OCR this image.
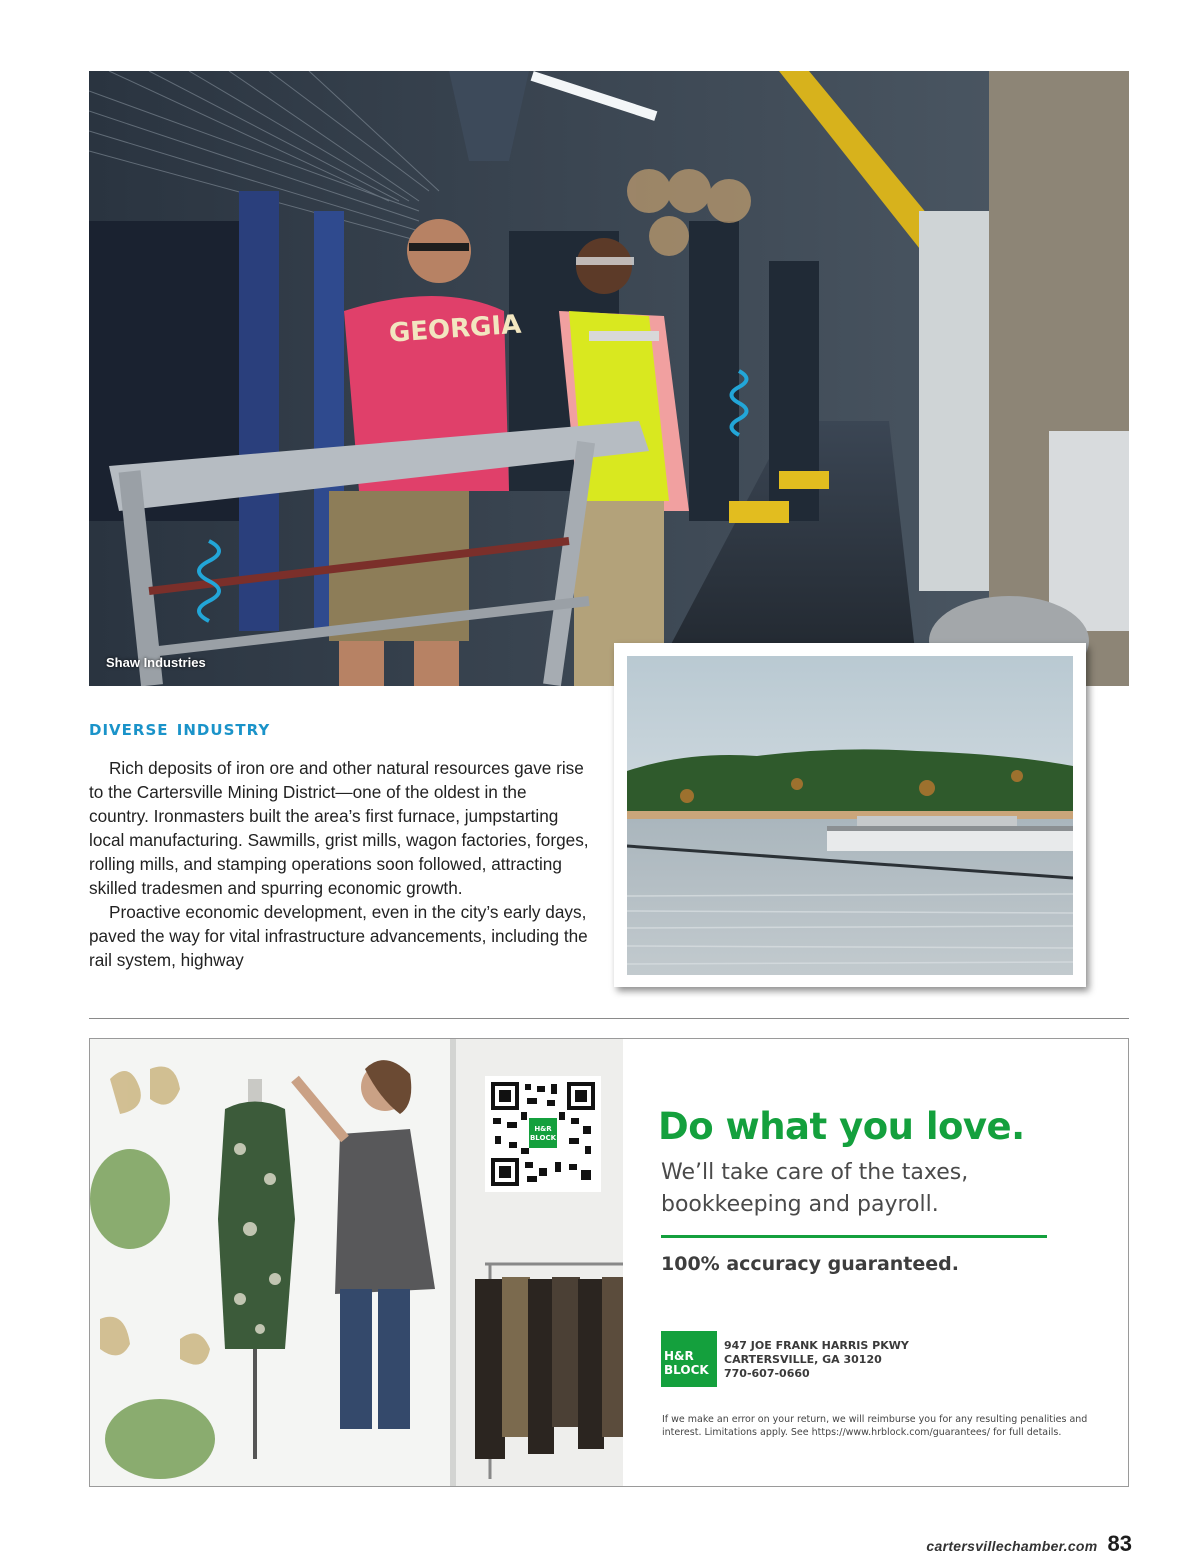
GEORGIA
Shaw Industries
diverse industry

Rich deposits of iron ore and other natural resources gave rise to the Cartersville Mining District—one of the oldest in the country. Ironmasters built the area’s first furnace, jumpstarting local manufacturing. Sawmills, grist mills, wagon factories, forges, rolling mills, and stamping operations soon followed, attracting skilled tradesmen and spurring economic growth.

Proactive economic development, even in the city’s early days, paved the way for vital infrastructure advancements, including the rail system, highway

H&R
BLOCK	Do what you love.
We’ll take care of the taxes, bookkeeping and payroll.
100% accuracy guaranteed.
H&R
BLOCK
947 JOE FRANK HARRIS PKWY
CARTERSVILLE, GA 30120
770-607-0660
If we make an error on your return, we will reimburse you for any resulting penalities and interest. Limitations apply. See https://www.hrblock.com/guarantees/ for full details.
cartersvillechamber.com 83
